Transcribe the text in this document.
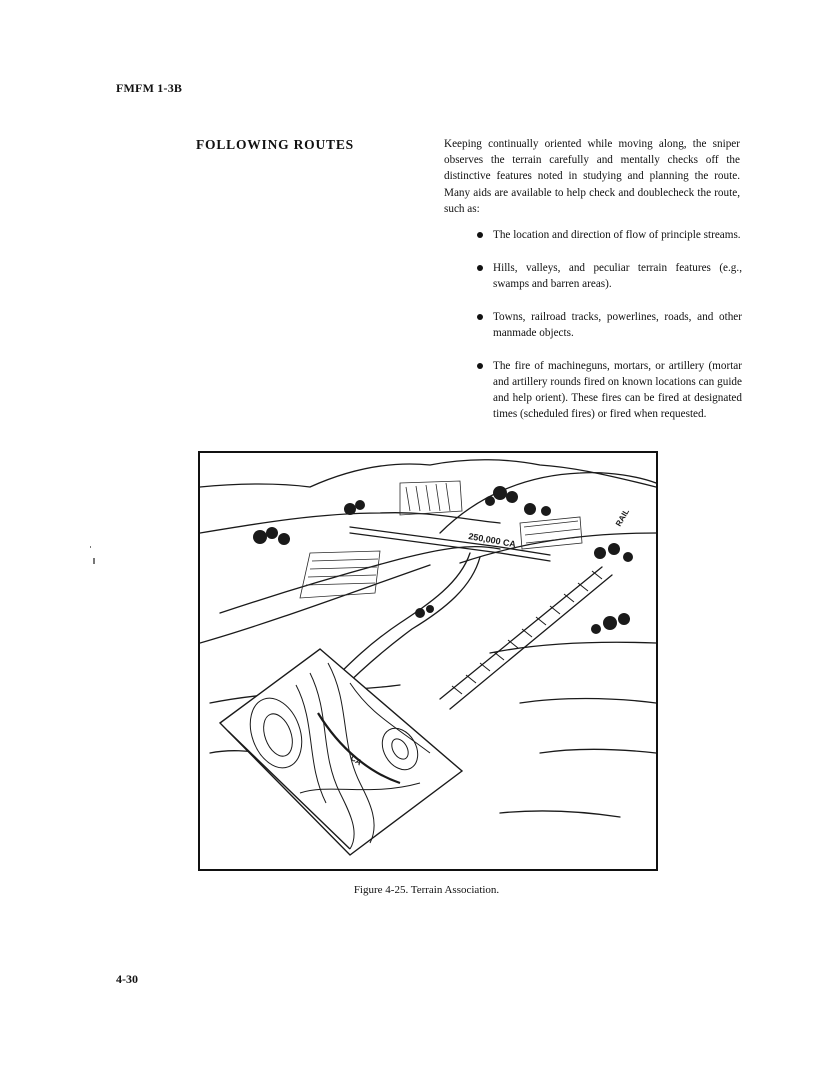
FMFM 1-3B
FOLLOWING ROUTES	Keeping continually oriented while moving along, the sniper observes the terrain carefully and mentally checks off the distinctive features noted in studying and planning the route. Many aids are available to help check and doublecheck the route, such as:

The location and direction of flow of principle streams.
Hills, valleys, and peculiar terrain features (e.g., swamps and barren areas).
Towns, railroad tracks, powerlines, roads, and other manmade objects.
The fire of machineguns, mortars, or artillery (mortar and artillery rounds fired on known locations can guide and help orient). These fires can be fired at designated times (scheduled fires) or fired when requested.
250,000 CA
CA
RAIL
Figure 4-25. Terrain Association.
4-30
